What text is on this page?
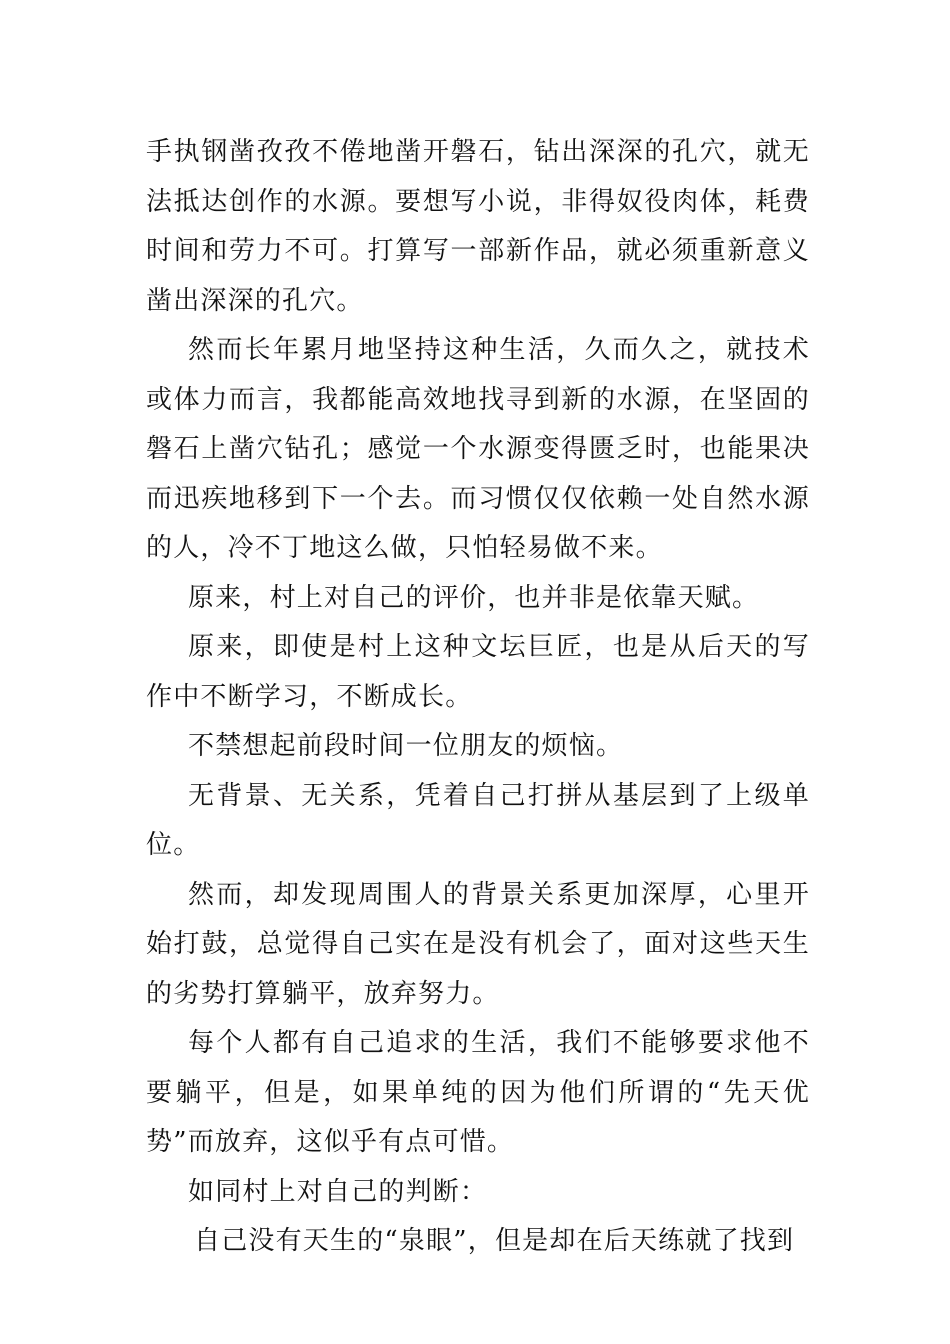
手执钢凿孜孜不倦地凿开磐石，钻出深深的孔穴，就无法抵达创作的水源。要想写小说，非得奴役肉体，耗费时间和劳力不可。打算写一部新作品，就必须重新意义凿出深深的孔穴。

然而长年累月地坚持这种生活，久而久之，就技术或体力而言，我都能高效地找寻到新的水源，在坚固的磐石上凿穴钻孔；感觉一个水源变得匮乏时，也能果决而迅疾地移到下一个去。而习惯仅仅依赖一处自然水源的人，冷不丁地这么做，只怕轻易做不来。

原来，村上对自己的评价，也并非是依靠天赋。

原来，即使是村上这种文坛巨匠，也是从后天的写作中不断学习，不断成长。

不禁想起前段时间一位朋友的烦恼。

无背景、无关系，凭着自己打拼从基层到了上级单位。

然而，却发现周围人的背景关系更加深厚，心里开始打鼓，总觉得自己实在是没有机会了，面对这些天生的劣势打算躺平，放弃努力。

每个人都有自己追求的生活，我们不能够要求他不要躺平，但是，如果单纯的因为他们所谓的“先天优势”而放弃，这似乎有点可惜。

如同村上对自己的判断：

自己没有天生的“泉眼”，但是却在后天练就了找到
